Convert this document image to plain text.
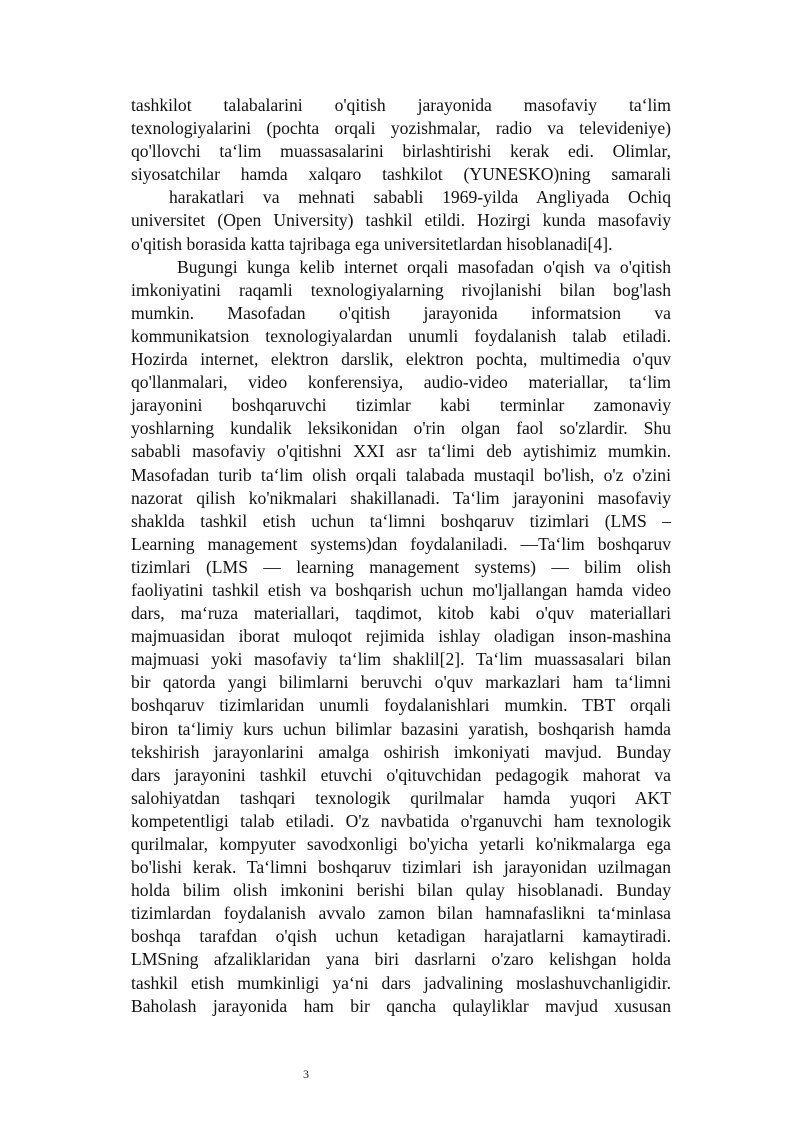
tashkilot talabalarini o'qitish jarayonida masofaviy ta‘lim
texnologiyalarini (pochta orqali yozishmalar, radio va televideniye)
qo'llovchi ta‘lim muassasalarini birlashtirishi kerak edi. Olimlar,
siyosatchilar hamda xalqaro tashkilot (YUNESKO)ning samarali
harakatlari va mehnati sababli 1969-yilda Angliyada Ochiq
universitet (Open University) tashkil etildi. Hozirgi kunda masofaviy
o'qitish borasida katta tajribaga ega universitetlardan hisoblanadi[4].
Bugungi kunga kelib internet orqali masofadan o'qish va o'qitish
imkoniyatini raqamli texnologiyalarning rivojlanishi bilan bog'lash
mumkin. Masofadan o'qitish jarayonida informatsion va
kommunikatsion texnologiyalardan unumli foydalanish talab etiladi.
Hozirda internet, elektron darslik, elektron pochta, multimedia o'quv
qo'llanmalari, video konferensiya, audio-video materiallar, ta‘lim
jarayonini boshqaruvchi tizimlar kabi terminlar zamonaviy
yoshlarning kundalik leksikonidan o'rin olgan faol so'zlardir. Shu
sababli masofaviy o'qitishni XXI asr ta‘limi deb aytishimiz mumkin.
Masofadan turib ta‘lim olish orqali talabada mustaqil bo'lish, o'z o'zini
nazorat qilish ko'nikmalari shakillanadi. Ta‘lim jarayonini masofaviy
shaklda tashkil etish uchun ta‘limni boshqaruv tizimlari (LMS –
Learning management systems)dan foydalaniladi. —Ta‘lim boshqaruv
tizimlari (LMS — learning management systems) — bilim olish
faoliyatini tashkil etish va boshqarish uchun mo'ljallangan hamda video
dars, ma‘ruza materiallari, taqdimot, kitob kabi o'quv materiallari
majmuasidan iborat muloqot rejimida ishlay oladigan inson-mashina
majmuasi yoki masofaviy ta‘lim shaklil[2]. Ta‘lim muassasalari bilan
bir qatorda yangi bilimlarni beruvchi o'quv markazlari ham ta‘limni
boshqaruv tizimlaridan unumli foydalanishlari mumkin. TBT orqali
biron ta‘limiy kurs uchun bilimlar bazasini yaratish, boshqarish hamda
tekshirish jarayonlarini amalga oshirish imkoniyati mavjud. Bunday
dars jarayonini tashkil etuvchi o'qituvchidan pedagogik mahorat va
salohiyatdan tashqari texnologik qurilmalar hamda yuqori AKT
kompetentligi talab etiladi. O'z navbatida o'rganuvchi ham texnologik
qurilmalar, kompyuter savodxonligi bo'yicha yetarli ko'nikmalarga ega
bo'lishi kerak. Ta‘limni boshqaruv tizimlari ish jarayonidan uzilmagan
holda bilim olish imkonini berishi bilan qulay hisoblanadi. Bunday
tizimlardan foydalanish avvalo zamon bilan hamnafaslikni ta‘minlasa
boshqa tarafdan o'qish uchun ketadigan harajatlarni kamaytiradi.
LMSning afzaliklaridan yana biri dasrlarni o'zaro kelishgan holda
tashkil etish mumkinligi ya‘ni dars jadvalining moslashuvchanligidir.
Baholash jarayonida ham bir qancha qulayliklar mavjud xususan
3
